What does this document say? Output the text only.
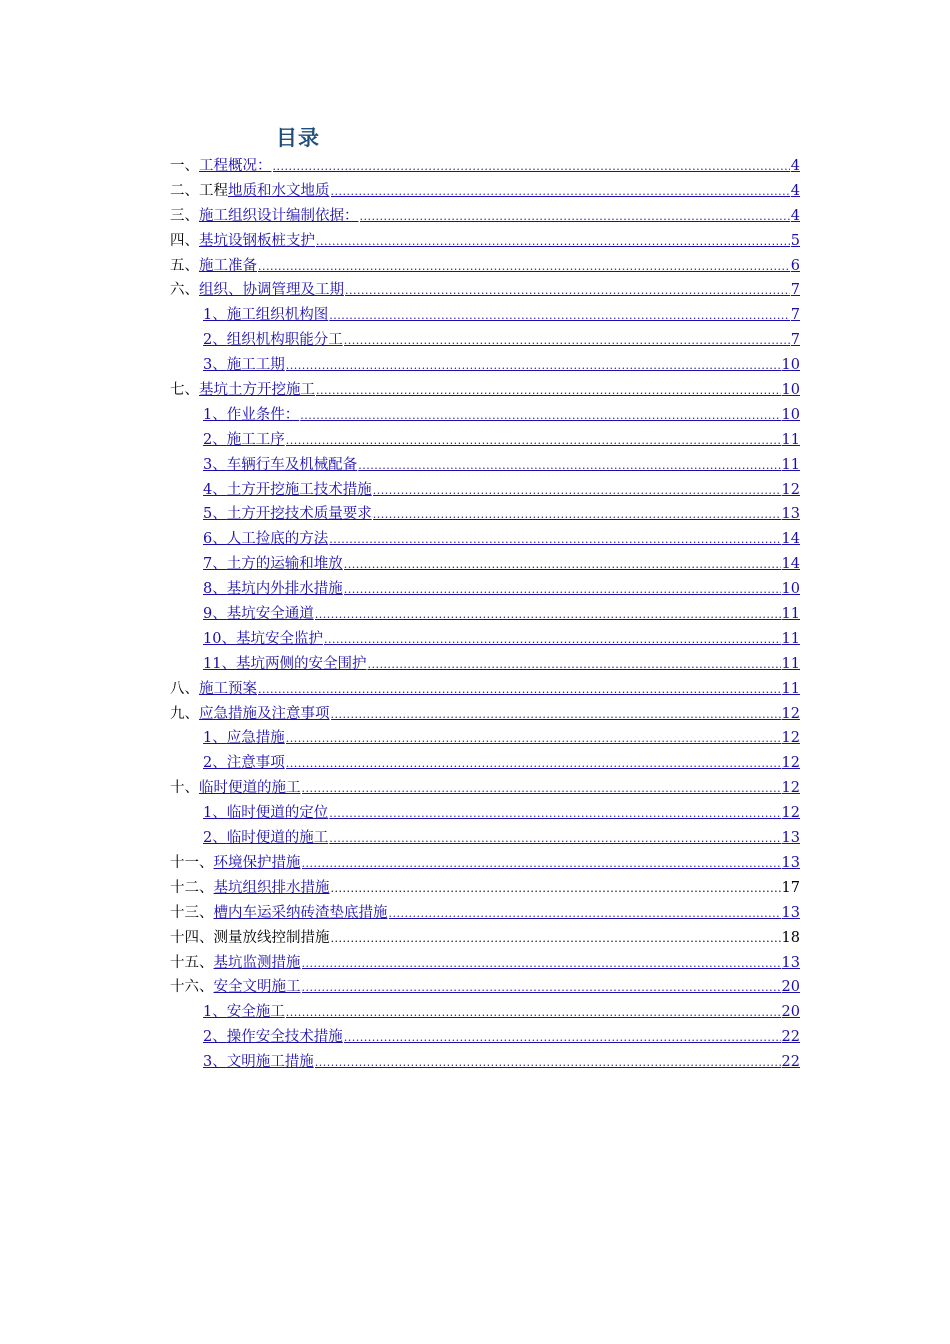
目录
一、 工程概况： .....	4
二、 工程 地质和水文地质 .....	4
三、 施工组织设计编制依据： .....	4
四、 基坑设钢板桩支护 .....	5
五、 施工准备 .....	6
六、 组织、协调管理及工期 .....	7
1、 施工组织机构图 .....	7
2、 组织机构职能分工 .....	7
3、 施工工期 .....	10
七、 基坑土方开挖施工 .....	10
1、 作业条件： .....	10
2、 施工工序 .....	11
3、 车辆行车及机械配备 .....	11
4、 土方开挖施工技术措施 .....	12
5、 土方开挖技术质量要求 .....	13
6、 人工捡底的方法 .....	14
7、 土方的运输和堆放 .....	14
8、 基坑内外排水措施 .....	10
9、 基坑安全通道 .....	11
10、 基坑安全监护 .....	11
11、 基坑两侧的安全围护 .....	11
八、 施工预案 .....	11
九、 应急措施及注意事项 .....	12
1、 应急措施 .....	12
2、 注意事项 .....	12
十、 临时便道的施工 .....	12
1、 临时便道的定位 .....	12
2、 临时便道的施工 .....	13
十一、 环境保护措施 .....	13
十二、 基坑组织排水措施 .....	17
十三、 槽内车运采纳砖渣垫底措施 .....	13
十四、 测量放线控制措施 .....	18
十五、 基坑监测措施 .....	13
十六、 安全文明施工 .....	20
1、 安全施工 .....	20
2、 操作安全技术措施 .....	22
3、 文明施工措施 .....	22
